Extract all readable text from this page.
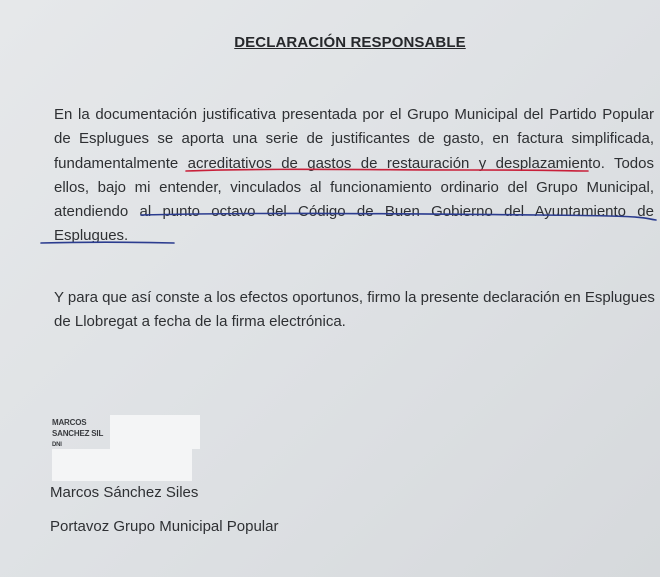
DECLARACIÓN RESPONSABLE
En la documentación justificativa presentada por el Grupo Municipal del Partido Popular
de Esplugues se aporta una serie de justificantes de gasto, en factura simplificada,
fundamentalmente acreditativos de gastos de restauración y desplazamiento. Todos
ellos, bajo mi entender, vinculados al funcionamiento ordinario del Grupo Municipal,
atendiendo al punto octavo del Código de Buen Gobierno del Ayuntamiento de
Esplugues.
Y para que así conste a los efectos oportunos, firmo la presente declaración en Esplugues
de Llobregat a fecha de la firma electrónica.
MARCOS
SANCHEZ SIL
DNI
Marcos Sánchez Siles
Portavoz Grupo Municipal Popular
